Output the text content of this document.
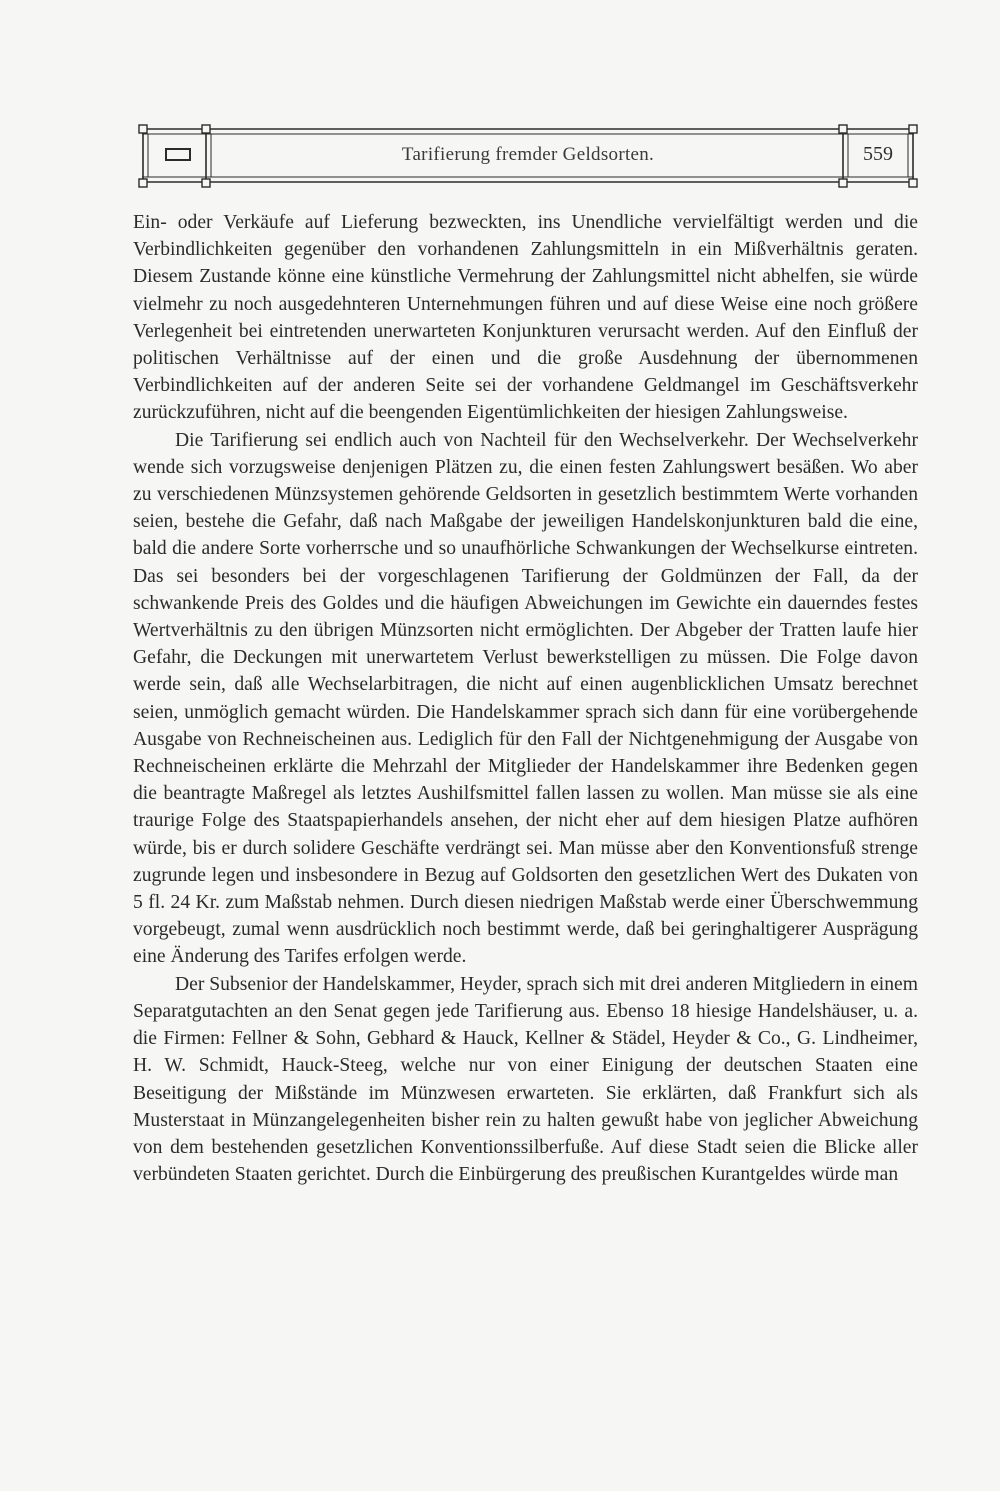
Tarifierung fremder Geldsorten.	559

Ein- oder Verkäufe auf Lieferung bezweckten, ins Unendliche vervielfältigt werden und die Verbindlichkeiten gegenüber den vorhandenen Zahlungsmitteln in ein Mißverhältnis geraten. Diesem Zustande könne eine künstliche Vermehrung der Zahlungsmittel nicht abhelfen, sie würde vielmehr zu noch ausgedehnteren Unternehmungen führen und auf diese Weise eine noch größere Verlegenheit bei eintretenden unerwarteten Konjunkturen verursacht werden. Auf den Einfluß der politischen Verhältnisse auf der einen und die große Ausdehnung der übernommenen Verbindlichkeiten auf der anderen Seite sei der vorhandene Geldmangel im Geschäftsverkehr zurückzuführen, nicht auf die beengenden Eigentümlichkeiten der hiesigen Zahlungsweise.

Die Tarifierung sei endlich auch von Nachteil für den Wechselverkehr. Der Wechselverkehr wende sich vorzugsweise denjenigen Plätzen zu, die einen festen Zahlungswert besäßen. Wo aber zu verschiedenen Münzsystemen gehörende Geldsorten in gesetzlich bestimmtem Werte vorhanden seien, bestehe die Gefahr, daß nach Maßgabe der jeweiligen Handelskonjunkturen bald die eine, bald die andere Sorte vorherrsche und so unaufhörliche Schwankungen der Wechselkurse eintreten. Das sei besonders bei der vorgeschlagenen Tarifierung der Goldmünzen der Fall, da der schwankende Preis des Goldes und die häufigen Abweichungen im Gewichte ein dauerndes festes Wertverhältnis zu den übrigen Münzsorten nicht ermöglichten. Der Abgeber der Tratten laufe hier Gefahr, die Deckungen mit unerwartetem Verlust bewerkstelligen zu müssen. Die Folge davon werde sein, daß alle Wechselarbitragen, die nicht auf einen augenblicklichen Umsatz berechnet seien, unmöglich gemacht würden. Die Handelskammer sprach sich dann für eine vorübergehende Ausgabe von Rechneischeinen aus. Lediglich für den Fall der Nichtgenehmigung der Ausgabe von Rechneischeinen erklärte die Mehrzahl der Mitglieder der Handelskammer ihre Bedenken gegen die beantragte Maßregel als letztes Aushilfsmittel fallen lassen zu wollen. Man müsse sie als eine traurige Folge des Staatspapierhandels ansehen, der nicht eher auf dem hiesigen Platze aufhören würde, bis er durch solidere Geschäfte verdrängt sei. Man müsse aber den Konventionsfuß strenge zugrunde legen und insbesondere in Bezug auf Goldsorten den gesetzlichen Wert des Dukaten von 5 fl. 24 Kr. zum Maßstab nehmen. Durch diesen niedrigen Maßstab werde einer Überschwemmung vorgebeugt, zumal wenn ausdrücklich noch bestimmt werde, daß bei geringhaltigerer Ausprägung eine Änderung des Tarifes erfolgen werde.

Der Subsenior der Handelskammer, Heyder, sprach sich mit drei anderen Mitgliedern in einem Separatgutachten an den Senat gegen jede Tarifierung aus. Ebenso 18 hiesige Handelshäuser, u. a. die Firmen: Fellner & Sohn, Gebhard & Hauck, Kellner & Städel, Heyder & Co., G. Lindheimer, H. W. Schmidt, Hauck-Steeg, welche nur von einer Einigung der deutschen Staaten eine Beseitigung der Mißstände im Münzwesen erwarteten. Sie erklärten, daß Frankfurt sich als Musterstaat in Münzangelegenheiten bisher rein zu halten gewußt habe von jeglicher Abweichung von dem bestehenden gesetzlichen Konventionssilberfuße. Auf diese Stadt seien die Blicke aller verbündeten Staaten gerichtet. Durch die Einbürgerung des preußischen Kurantgeldes würde man
